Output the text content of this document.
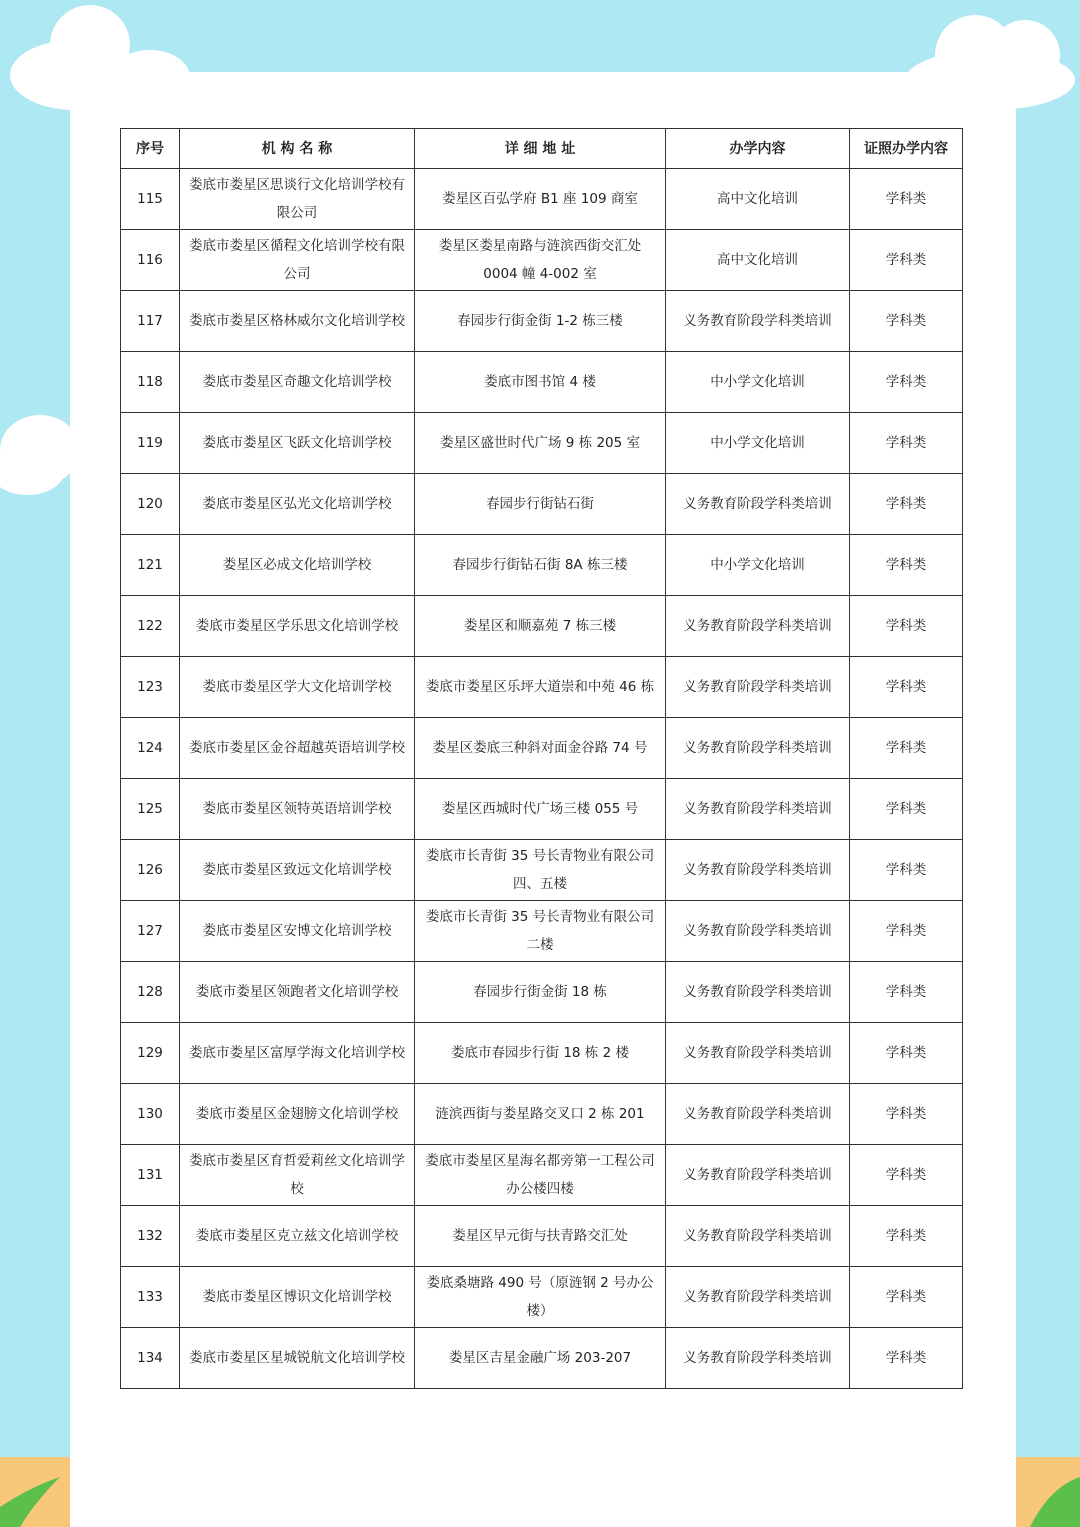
序号	机 构 名 称	详 细 地 址	办学内容	证照办学内容
115	娄底市娄星区思谈行文化培训学校有限公司	娄星区百弘学府 B1 座 109 商室	高中文化培训	学科类
116	娄底市娄星区循程文化培训学校有限公司	娄星区娄星南路与涟滨西街交汇处 0004 幢 4-002 室	高中文化培训	学科类
117	娄底市娄星区格林威尔文化培训学校	春园步行街金街 1-2 栋三楼	义务教育阶段学科类培训	学科类
118	娄底市娄星区奇趣文化培训学校	娄底市图书馆 4 楼	中小学文化培训	学科类
119	娄底市娄星区飞跃文化培训学校	娄星区盛世时代广场 9 栋 205 室	中小学文化培训	学科类
120	娄底市娄星区弘光文化培训学校	春园步行街钻石街	义务教育阶段学科类培训	学科类
121	娄星区必成文化培训学校	春园步行街钻石街 8A 栋三楼	中小学文化培训	学科类
122	娄底市娄星区学乐思文化培训学校	娄星区和顺嘉苑 7 栋三楼	义务教育阶段学科类培训	学科类
123	娄底市娄星区学大文化培训学校	娄底市娄星区乐坪大道崇和中苑 46 栋	义务教育阶段学科类培训	学科类
124	娄底市娄星区金谷超越英语培训学校	娄星区娄底三种斜对面金谷路 74 号	义务教育阶段学科类培训	学科类
125	娄底市娄星区领特英语培训学校	娄星区西城时代广场三楼 055 号	义务教育阶段学科类培训	学科类
126	娄底市娄星区致远文化培训学校	娄底市长青街 35 号长青物业有限公司四、五楼	义务教育阶段学科类培训	学科类
127	娄底市娄星区安博文化培训学校	娄底市长青街 35 号长青物业有限公司二楼	义务教育阶段学科类培训	学科类
128	娄底市娄星区领跑者文化培训学校	春园步行街金街 18 栋	义务教育阶段学科类培训	学科类
129	娄底市娄星区富厚学海文化培训学校	娄底市春园步行街 18 栋 2 楼	义务教育阶段学科类培训	学科类
130	娄底市娄星区金翅膀文化培训学校	涟滨西街与娄星路交叉口 2 栋 201	义务教育阶段学科类培训	学科类
131	娄底市娄星区育哲爱莉丝文化培训学校	娄底市娄星区星海名都旁第一工程公司办公楼四楼	义务教育阶段学科类培训	学科类
132	娄底市娄星区克立兹文化培训学校	娄星区早元街与扶青路交汇处	义务教育阶段学科类培训	学科类
133	娄底市娄星区博识文化培训学校	娄底桑塘路 490 号（原涟钢 2 号办公楼）	义务教育阶段学科类培训	学科类
134	娄底市娄星区星城锐航文化培训学校	娄星区吉星金融广场 203-207	义务教育阶段学科类培训	学科类
